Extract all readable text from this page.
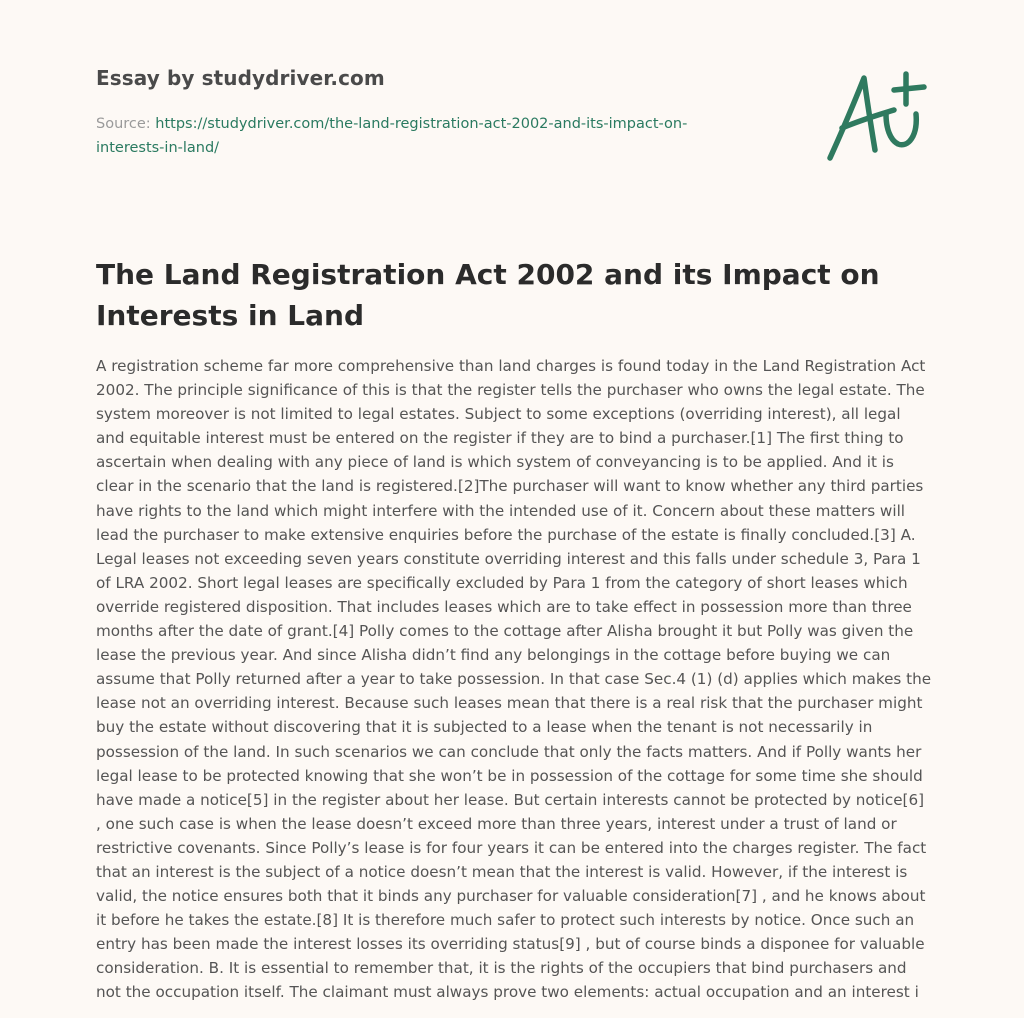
Essay by studydriver.com
Source: https://studydriver.com/the-land-registration-act-2002-and-its-impact-on-interests-in-land/
The Land Registration Act 2002 and its Impact on Interests in Land

A registration scheme far more comprehensive than land charges is found today in the Land Registration Act 2002. The principle significance of this is that the register tells the purchaser who owns the legal estate. The system moreover is not limited to legal estates. Subject to some exceptions (overriding interest), all legal and equitable interest must be entered on the register if they are to bind a purchaser.[1] The first thing to ascertain when dealing with any piece of land is which system of conveyancing is to be applied. And it is clear in the scenario that the land is registered.[2]The purchaser will want to know whether any third parties have rights to the land which might interfere with the intended use of it. Concern about these matters will lead the purchaser to make extensive enquiries before the purchase of the estate is finally concluded.[3] A. Legal leases not exceeding seven years constitute overriding interest and this falls under schedule 3, Para 1 of LRA 2002. Short legal leases are specifically excluded by Para 1 from the category of short leases which override registered disposition. That includes leases which are to take effect in possession more than three months after the date of grant.[4] Polly comes to the cottage after Alisha brought it but Polly was given the lease the previous year. And since Alisha didn’t find any belongings in the cottage before buying we can assume that Polly returned after a year to take possession. In that case Sec.4 (1) (d) applies which makes the lease not an overriding interest. Because such leases mean that there is a real risk that the purchaser might buy the estate without discovering that it is subjected to a lease when the tenant is not necessarily in possession of the land. In such scenarios we can conclude that only the facts matters. And if Polly wants her legal lease to be protected knowing that she won’t be in possession of the cottage for some time she should have made a notice[5] in the register about her lease. But certain interests cannot be protected by notice[6] , one such case is when the lease doesn’t exceed more than three years, interest under a trust of land or restrictive covenants. Since Polly’s lease is for four years it can be entered into the charges register. The fact that an interest is the subject of a notice doesn’t mean that the interest is valid. However, if the interest is valid, the notice ensures both that it binds any purchaser for valuable consideration[7] , and he knows about it before he takes the estate.[8] It is therefore much safer to protect such interests by notice. Once such an entry has been made the interest losses its overriding status[9] , but of course binds a disponee for valuable consideration. B. It is essential to remember that, it is the rights of the occupiers that bind purchasers and not the occupation itself. The claimant must always prove two elements: actual occupation and an interest i
